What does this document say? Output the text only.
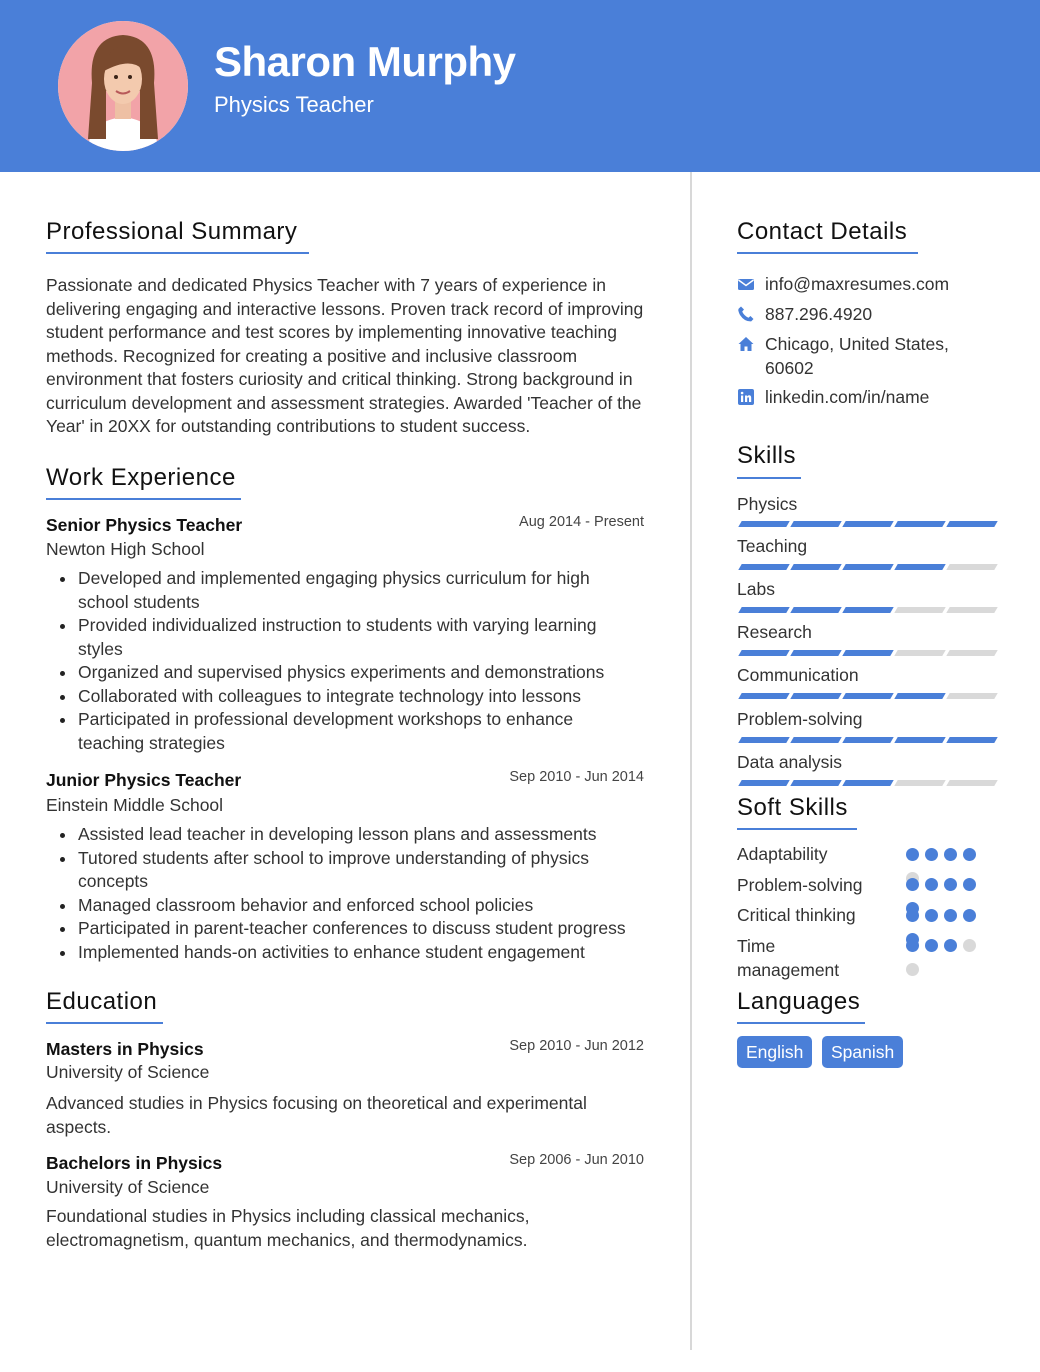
Sharon Murphy
Physics Teacher
Professional Summary
Passionate and dedicated Physics Teacher with 7 years of experience in delivering engaging and interactive lessons. Proven track record of improving student performance and test scores by implementing innovative teaching methods. Recognized for creating a positive and inclusive classroom environment that fosters curiosity and critical thinking. Strong background in curriculum development and assessment strategies. Awarded 'Teacher of the Year' in 20XX for outstanding contributions to student success.
Work Experience
Senior Physics Teacher	Aug 2014 - Present
Newton High School
Developed and implemented engaging physics curriculum for high school students
Provided individualized instruction to students with varying learning styles
Organized and supervised physics experiments and demonstrations
Collaborated with colleagues to integrate technology into lessons
Participated in professional development workshops to enhance teaching strategies
Junior Physics Teacher	Sep 2010 - Jun 2014
Einstein Middle School
Assisted lead teacher in developing lesson plans and assessments
Tutored students after school to improve understanding of physics concepts
Managed classroom behavior and enforced school policies
Participated in parent-teacher conferences to discuss student progress
Implemented hands-on activities to enhance student engagement
Education
Masters in Physics	Sep 2010 - Jun 2012
University of Science
Advanced studies in Physics focusing on theoretical and experimental aspects.
Bachelors in Physics	Sep 2006 - Jun 2010
University of Science
Foundational studies in Physics including classical mechanics, electromagnetism, quantum mechanics, and thermodynamics.
Contact Details
info@maxresumes.com
887.296.4920
Chicago, United States, 60602
linkedin.com/in/name
Skills
Physics
Teaching
Labs
Research
Communication
Problem-solving
Data analysis
Soft Skills
Adaptability
Problem-solving
Critical thinking
Time management
Languages
English	Spanish
